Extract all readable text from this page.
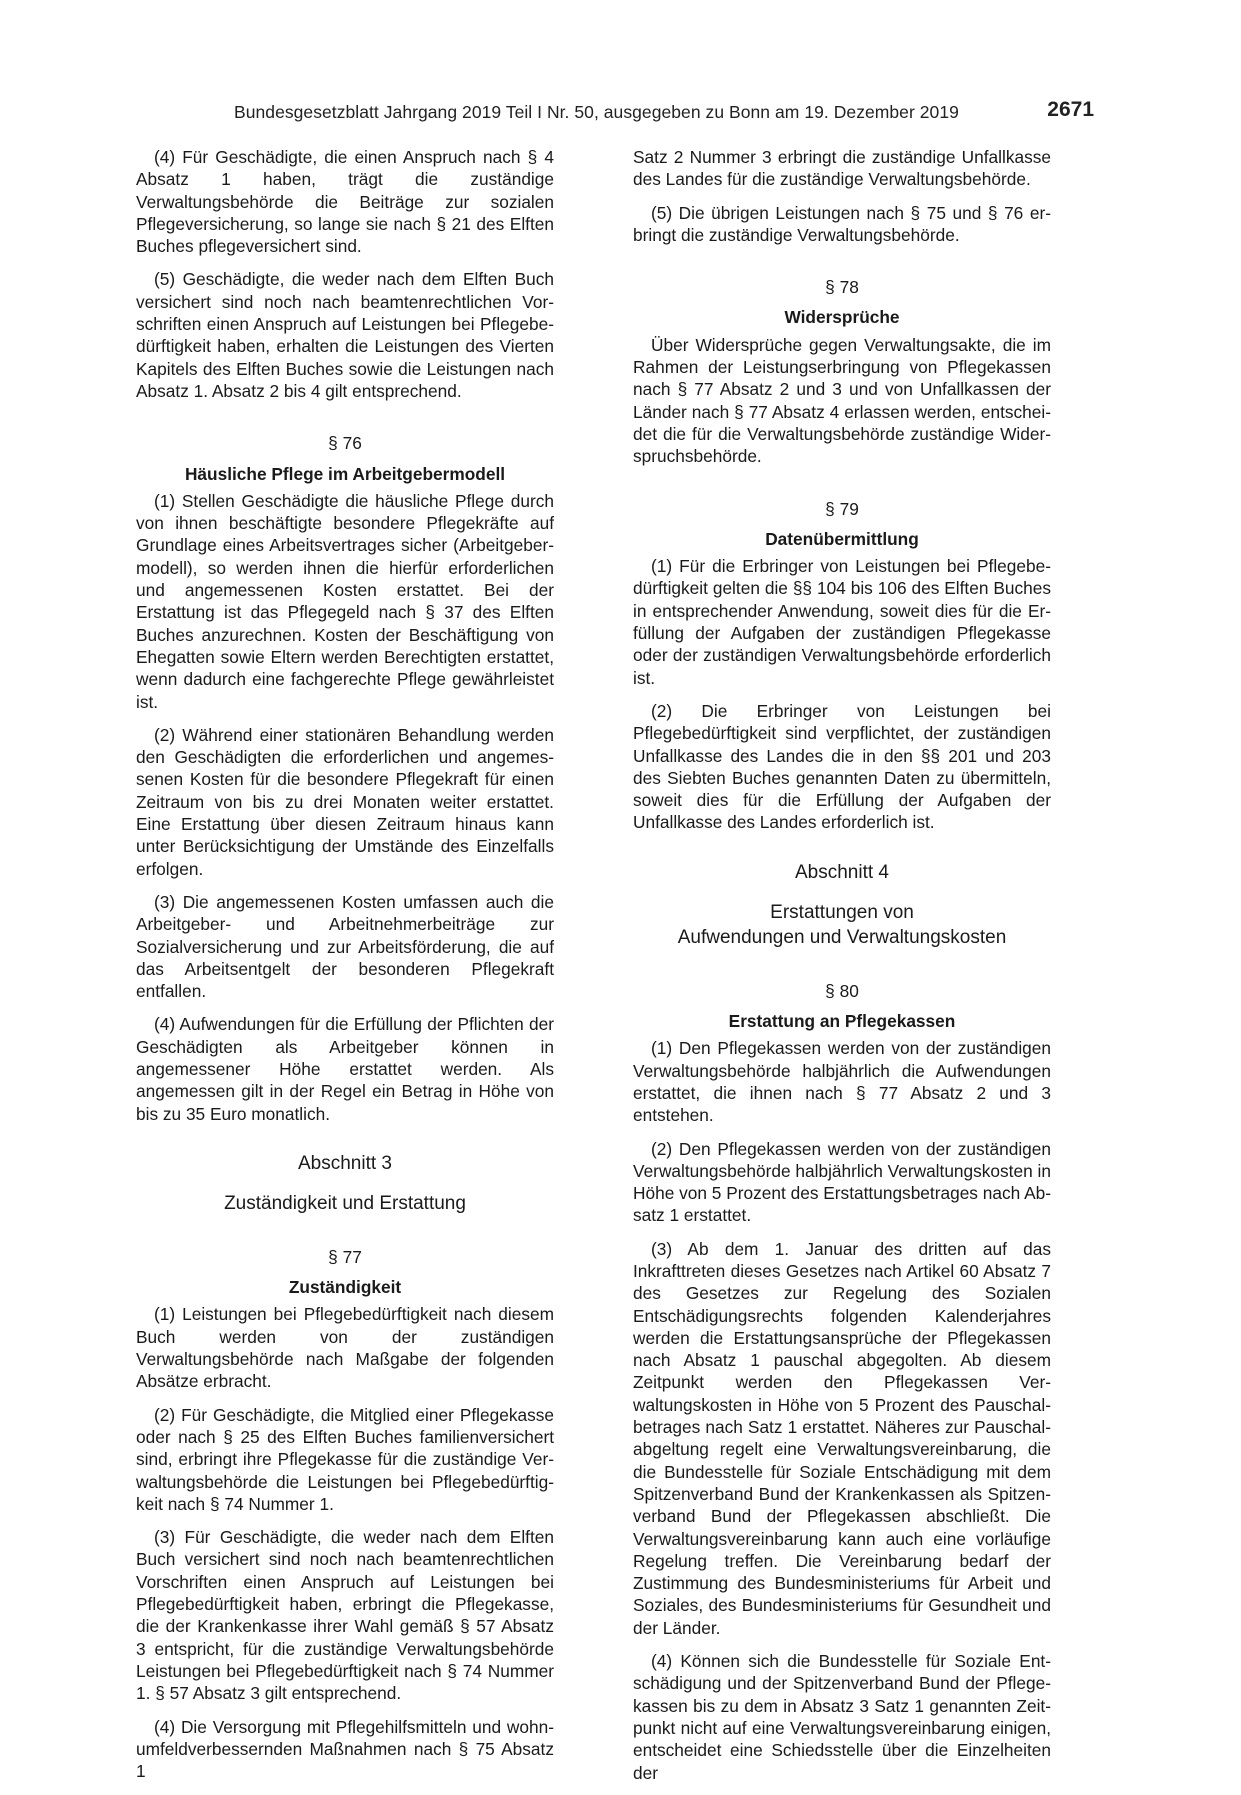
Bundesgesetzblatt Jahrgang 2019 Teil I Nr. 50, ausgegeben zu Bonn am 19. Dezember 2019	2671

(4) Für Geschädigte, die einen Anspruch nach § 4 Absatz 1 haben, trägt die zuständige Verwaltungsbehörde die Beiträge zur sozialen Pflegeversicherung, so lange sie nach § 21 des Elften Buches pflegeversichert sind.

(5) Geschädigte, die weder nach dem Elften Buch versichert sind noch nach beamtenrechtlichen Vorschriften einen Anspruch auf Leistungen bei Pflegebedürftigkeit haben, erhalten die Leistungen des Vierten Kapitels des Elften Buches sowie die Leistungen nach Absatz 1. Absatz 2 bis 4 gilt entsprechend.

§ 76
Häusliche Pflege im Arbeitgebermodell

(1) Stellen Geschädigte die häusliche Pflege durch von ihnen beschäftigte besondere Pflegekräfte auf Grundlage eines Arbeitsvertrages sicher (Arbeitgebermodell), so werden ihnen die hierfür erforderlichen und angemessenen Kosten erstattet. Bei der Erstattung ist das Pflegegeld nach § 37 des Elften Buches anzurechnen. Kosten der Beschäftigung von Ehegatten sowie Eltern werden Berechtigten erstattet, wenn dadurch eine fachgerechte Pflege gewährleistet ist.

(2) Während einer stationären Behandlung werden den Geschädigten die erforderlichen und angemessenen Kosten für die besondere Pflegekraft für einen Zeitraum von bis zu drei Monaten weiter erstattet. Eine Erstattung über diesen Zeitraum hinaus kann unter Berücksichtigung der Umstände des Einzelfalls erfolgen.

(3) Die angemessenen Kosten umfassen auch die Arbeitgeber- und Arbeitnehmerbeiträge zur Sozialversicherung und zur Arbeitsförderung, die auf das Arbeitsentgelt der besonderen Pflegekraft entfallen.

(4) Aufwendungen für die Erfüllung der Pflichten der Geschädigten als Arbeitgeber können in angemessener Höhe erstattet werden. Als angemessen gilt in der Regel ein Betrag in Höhe von bis zu 35 Euro monatlich.

Abschnitt 3
Zuständigkeit und Erstattung
§ 77
Zuständigkeit

(1) Leistungen bei Pflegebedürftigkeit nach diesem Buch werden von der zuständigen Verwaltungsbehörde nach Maßgabe der folgenden Absätze erbracht.

(2) Für Geschädigte, die Mitglied einer Pflegekasse oder nach § 25 des Elften Buches familienversichert sind, erbringt ihre Pflegekasse für die zuständige Verwaltungsbehörde die Leistungen bei Pflegebedürftigkeit nach § 74 Nummer 1.

(3) Für Geschädigte, die weder nach dem Elften Buch versichert sind noch nach beamtenrechtlichen Vorschriften einen Anspruch auf Leistungen bei Pflegebedürftigkeit haben, erbringt die Pflegekasse, die der Krankenkasse ihrer Wahl gemäß § 57 Absatz 3 entspricht, für die zuständige Verwaltungsbehörde Leistungen bei Pflegebedürftigkeit nach § 74 Nummer 1. § 57 Absatz 3 gilt entsprechend.

(4) Die Versorgung mit Pflegehilfsmitteln und wohnumfeldverbessernden Maßnahmen nach § 75 Absatz 1

Satz 2 Nummer 3 erbringt die zuständige Unfallkasse des Landes für die zuständige Verwaltungsbehörde.

(5) Die übrigen Leistungen nach § 75 und § 76 erbringt die zuständige Verwaltungsbehörde.

§ 78
Widersprüche

Über Widersprüche gegen Verwaltungsakte, die im Rahmen der Leistungserbringung von Pflegekassen nach § 77 Absatz 2 und 3 und von Unfallkassen der Länder nach § 77 Absatz 4 erlassen werden, entscheidet die für die Verwaltungsbehörde zuständige Widerspruchsbehörde.

§ 79
Datenübermittlung

(1) Für die Erbringer von Leistungen bei Pflegebedürftigkeit gelten die §§ 104 bis 106 des Elften Buches in entsprechender Anwendung, soweit dies für die Erfüllung der Aufgaben der zuständigen Pflegekasse oder der zuständigen Verwaltungsbehörde erforderlich ist.

(2) Die Erbringer von Leistungen bei Pflegebedürftigkeit sind verpflichtet, der zuständigen Unfallkasse des Landes die in den §§ 201 und 203 des Siebten Buches genannten Daten zu übermitteln, soweit dies für die Erfüllung der Aufgaben der Unfallkasse des Landes erforderlich ist.

Abschnitt 4
Erstattungen von
Aufwendungen und Verwaltungskosten
§ 80
Erstattung an Pflegekassen

(1) Den Pflegekassen werden von der zuständigen Verwaltungsbehörde halbjährlich die Aufwendungen erstattet, die ihnen nach § 77 Absatz 2 und 3 entstehen.

(2) Den Pflegekassen werden von der zuständigen Verwaltungsbehörde halbjährlich Verwaltungskosten in Höhe von 5 Prozent des Erstattungsbetrages nach Absatz 1 erstattet.

(3) Ab dem 1. Januar des dritten auf das Inkrafttreten dieses Gesetzes nach Artikel 60 Absatz 7 des Gesetzes zur Regelung des Sozialen Entschädigungsrechts folgenden Kalenderjahres werden die Erstattungsansprüche der Pflegekassen nach Absatz 1 pauschal abgegolten. Ab diesem Zeitpunkt werden den Pflegekassen Verwaltungskosten in Höhe von 5 Prozent des Pauschalbetrages nach Satz 1 erstattet. Näheres zur Pauschalabgeltung regelt eine Verwaltungsvereinbarung, die die Bundesstelle für Soziale Entschädigung mit dem Spitzenverband Bund der Krankenkassen als Spitzenverband Bund der Pflegekassen abschließt. Die Verwaltungsvereinbarung kann auch eine vorläufige Regelung treffen. Die Vereinbarung bedarf der Zustimmung des Bundesministeriums für Arbeit und Soziales, des Bundesministeriums für Gesundheit und der Länder.

(4) Können sich die Bundesstelle für Soziale Entschädigung und der Spitzenverband Bund der Pflegekassen bis zu dem in Absatz 3 Satz 1 genannten Zeitpunkt nicht auf eine Verwaltungsvereinbarung einigen, entscheidet eine Schiedsstelle über die Einzelheiten der
